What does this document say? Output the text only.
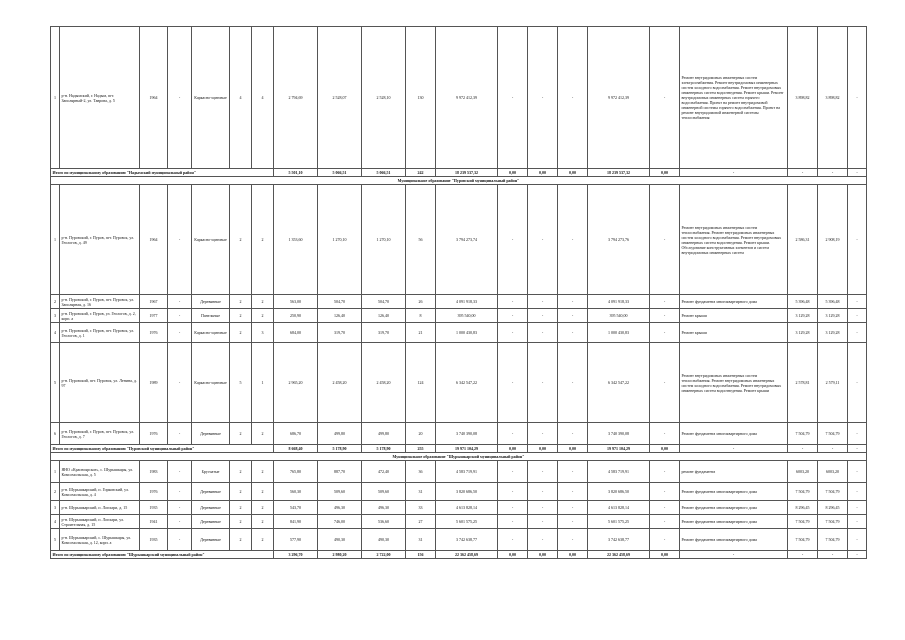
1	р-н. Надымский, г. Надым, пгт. Заполярный-2, ул. Таврова, д. 5	1964	-	Каркасно-щитовые	4	4	2 794,69	2 528,07	2 528,10	130	9 972 412,39	-	-	-	9 972 412,39	-	Ремонт внутридомовых инженерных систем электроснабжения. Ремонт внутридомовых инженерных систем холодного водоснабжения. Ремонт внутридомовых инженерных систем водоотведения. Ремонт крыши. Ремонт внутридомовых инженерных систем горячего водоснабжения. Проект на ремонт внутридомовой инженерной системы горячего водоснабжения. Проект на ремонт внутридомовой инженерной системы теплоснабжения	3 898,82	3 898,82	-
Итого по муниципальному образованию "Надымский муниципальный район"							5 501,10	5 066,51	5 066,51	242	18 239 537,32	0,00	0,00	0,00	18 239 537,32	0,00	-	-	-	-
Муниципальное образование "Пуровский муниципальный район"																				
1	р-н. Пуровский, г. Пуров, пгт. Пуровск, ул. Геологов, д. 49	1964	-	Каркасно-щитовые	2	2	1 353,60	1 270,10	1 270,10	56	3 794 273,74	-	-	-	3 794 273,76	-	Ремонт внутридомовых инженерных систем теплоснабжения. Ремонт внутридомовых инженерных систем холодного водоснабжения. Ремонт внутридомовых инженерных систем водоотведения. Ремонт крыши. Обследование конструктивных элементов и систем внутридомовых инженерных систем	2 586,31	2 908,19	-
2	р-н. Пуровский, г. Пуров, пгт. Пуровск, ул. Заполярная, д. 16	1967	-	Деревянные	2	2	563,00	504,70	504,70	26	4 091 918,33	-	-	-	4 091 918,33	-	Ремонт фундамента многоквартирного дома	5 396,48	5 396,48	-
3	р-н. Пуровский, г. Пуров, ул. Геологов, д. 2, корп. а	1977	-	Панельные	2	2	250,90	126,40	126,40	8	395 540,00	-	-	-	395 540,00	-	Ремонт крыши	3 129,28	3 129,28	-
4	р-н. Пуровский, г. Пуров, пгт. Пуровск, ул. Геологов, д. 1	1976	-	Каркасно-щитовые	2	3	684,00	319,70	319,70	21	1 000 430,83	-	-	-	1 000 430,83	-	Ремонт крыши	3 129,28	3 129,28	-
5	р-н. Пуровский, пгт. Пуровск, ул. Ленина, д. 97	1989	-	Каркасно-щитовые	5	1	2 965,20	2 458,20	2 458,20	124	6 342 547,22	-	-	-	6 342 547,22	-	Ремонт внутридомовых инженерных систем теплоснабжения. Ремонт внутридомовых инженерных систем холодного водоснабжения. Ремонт внутридомовых инженерных систем водоотведения. Ремонт крыши	2 578,81	2 579,11	-
6	р-н. Пуровский, г. Пуров, пгт. Пуровск, ул. Геологов, д. 7	1976	-	Деревянные	2	2	686,70	499,80	499,80	20	3 740 390,08	-	-	-	3 740 390,08	-	Ремонт фундамента многоквартирного дома	7 504,79	7 504,79	-
Итого по муниципальному образованию "Пуровский муниципальный район"							8 668,40	5 178,90	5 178,90	255	19 971 104,29	0,00	0,00	0,00	19 971 104,29	0,00	-	-	-	-
Муниципальное образование "Шурышкарский муниципальный район"																				
1	ЯНО «Красноярское», с. Шурышкары, ул. Комсомольская, д. 5	1983	-	Брусчатые	2	2	765,80	887,70	472,40	36	4 583 719,91	-	-	-	4 583 719,91	-	ремонт фундамента	6003,20	6003,20	-
2	р-н. Шурышкарский, п. Горковский, ул. Комсомольская, д. 4	1976	-	Деревянные	2	2	560,30	509,60	509,60	31	3 820 686,50	-	-	-	3 820 686,50	-	Ремонт фундамента многоквартирного дома	7 504,79	7 504,79	-
3	р-н. Шурышкарский, п. Лопхари, д. 15	1935	-	Деревянные	2	2	543,70	496,30	496,30	33	4 613 828,14	-	-	-	4 613 828,14	-	Ремонт фундамента многоквартирного дома	8 296,45	8 296,45	-
4	р-н. Шурышкарский, п. Лопхари, ул. Строительная, д. 15	1941	-	Деревянные	2	2	841,90	746,00	536,60	27	5 601 575,25	-	-	-	5 601 575,25	-	Ремонт фундамента многоквартирного дома	7 504,79	7 504,79	-
5	р-н. Шурышкарский, с. Шурышкары, ул. Комсомольская, д. 12, корп. а	1935	-	Деревянные	2	2	577,90	490,30	490,30	31	3 742 638,77	-	-	-	3 742 638,77	-	Ремонт фундамента многоквартирного дома	7 504,79	7 504,79	-
Итого по муниципальному образованию "Шурышкарский муниципальный район"							3 296,70	2 980,20	2 722,00	156	22 362 458,69	0,00	0,00	0,00	22 362 458,69	0,00	-	-	-	-
